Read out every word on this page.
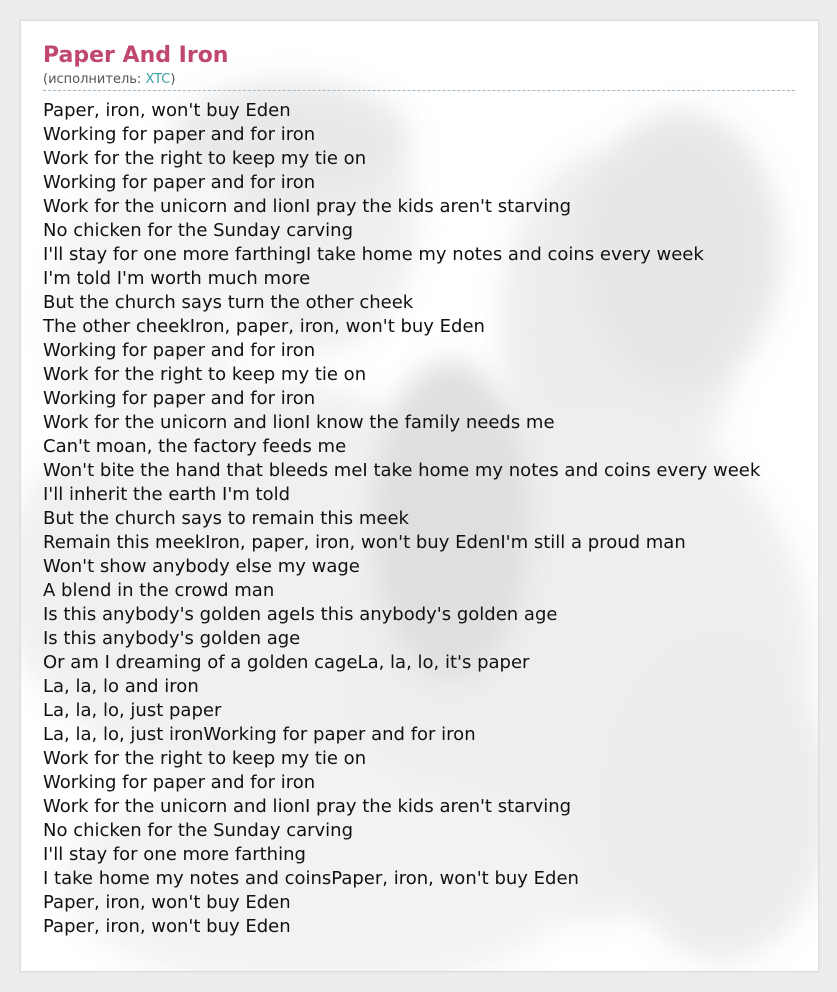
Paper And Iron
(исполнитель: XTC)
Paper, iron, won't buy Eden
Working for paper and for iron
Work for the right to keep my tie on
Working for paper and for iron
Work for the unicorn and lionI pray the kids aren't starving
No chicken for the Sunday carving
I'll stay for one more farthingI take home my notes and coins every week
I'm told I'm worth much more
But the church says turn the other cheek
The other cheekIron, paper, iron, won't buy Eden
Working for paper and for iron
Work for the right to keep my tie on
Working for paper and for iron
Work for the unicorn and lionI know the family needs me
Can't moan, the factory feeds me
Won't bite the hand that bleeds meI take home my notes and coins every week
I'll inherit the earth I'm told
But the church says to remain this meek
Remain this meekIron, paper, iron, won't buy EdenI'm still a proud man
Won't show anybody else my wage
A blend in the crowd man
Is this anybody's golden ageIs this anybody's golden age
Is this anybody's golden age
Or am I dreaming of a golden cageLa, la, lo, it's paper
La, la, lo and iron
La, la, lo, just paper
La, la, lo, just ironWorking for paper and for iron
Work for the right to keep my tie on
Working for paper and for iron
Work for the unicorn and lionI pray the kids aren't starving
No chicken for the Sunday carving
I'll stay for one more farthing
I take home my notes and coinsPaper, iron, won't buy Eden
Paper, iron, won't buy Eden
Paper, iron, won't buy Eden
